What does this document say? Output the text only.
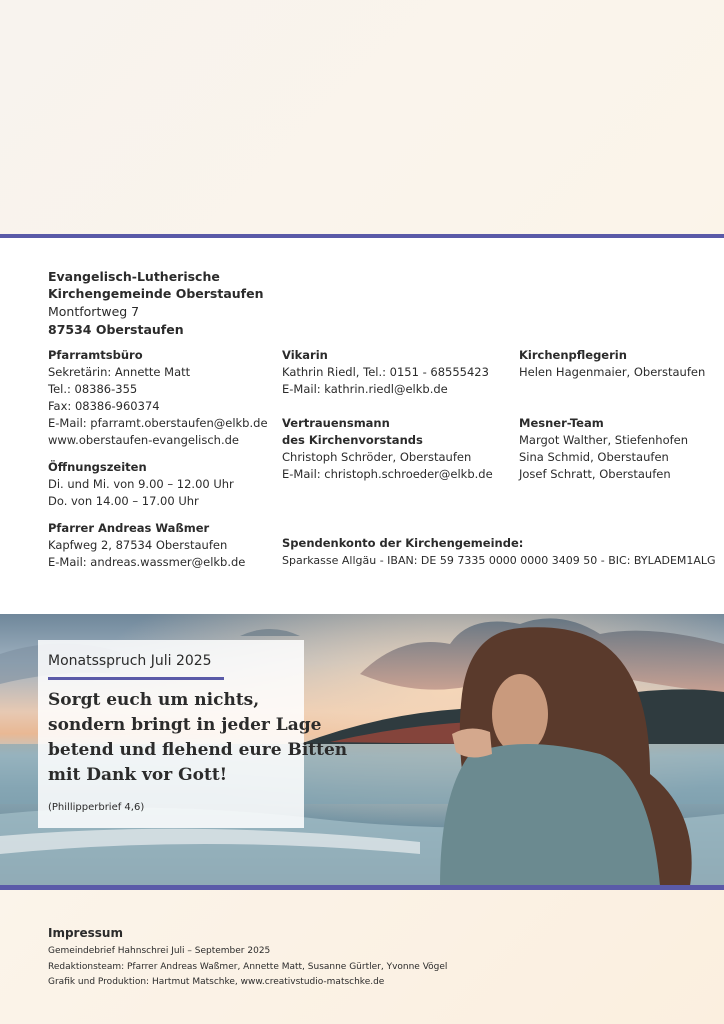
Evangelisch-Lutherische
Kirchengemeinde Oberstaufen
Montfortweg 7
87534 Oberstaufen
Pfarramtsbüro
Sekretärin: Annette Matt
Tel.: 08386-355
Fax: 08386-960374
E-Mail: pfarramt.oberstaufen@elkb.de
www.oberstaufen-evangelisch.de
Öffnungszeiten
Di. und Mi. von 9.00 – 12.00 Uhr
Do. von 14.00 – 17.00 Uhr
Pfarrer Andreas Waßmer
Kapfweg 2, 87534 Oberstaufen
E-Mail: andreas.wassmer@elkb.de
Vikarin
Kathrin Riedl, Tel.: 0151 - 68555423
E-Mail: kathrin.riedl@elkb.de
Vertrauensmann
des Kirchenvorstands
Christoph Schröder, Oberstaufen
E-Mail: christoph.schroeder@elkb.de
Kirchenpflegerin
Helen Hagenmaier, Oberstaufen
Mesner-Team
Margot Walther, Stiefenhofen
Sina Schmid, Oberstaufen
Josef Schratt, Oberstaufen
Spendenkonto der Kirchengemeinde:
Sparkasse Allgäu - IBAN: DE 59 7335 0000 0000 3409 50 - BIC: BYLADEM1ALG
Monatsspruch Juli 2025
Sorgt euch um nichts,
sondern bringt in jeder Lage
betend und flehend eure Bitten
mit Dank vor Gott!
(Phillipperbrief 4,6)
Impressum
Gemeindebrief Hahnschrei Juli – September 2025
Redaktionsteam: Pfarrer Andreas Waßmer, Annette Matt, Susanne Gürtler, Yvonne Vögel
Grafik und Produktion: Hartmut Matschke, www.creativstudio-matschke.de
